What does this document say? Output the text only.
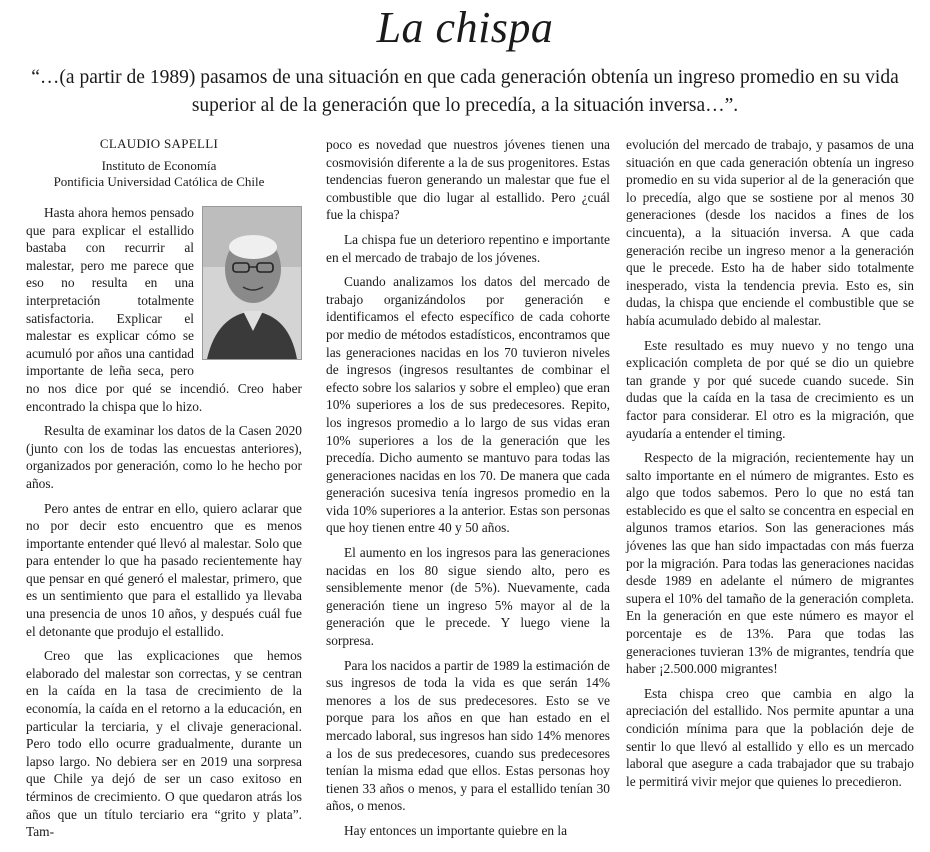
La chispa
“…(a partir de 1989) pasamos de una situación en que cada generación obtenía un ingreso promedio en su vida superior al de la generación que lo precedía, a la situación inversa…”.
CLAUDIO SAPELLI
Instituto de Economía
Pontificia Universidad Católica de Chile

Hasta ahora hemos pensado que para explicar el estallido bastaba con recurrir al malestar, pero me parece que eso no resulta en una interpretación totalmente satisfactoria. Explicar el malestar es explicar cómo se acumuló por años una cantidad importante de leña seca, pero no nos dice por qué se incendió. Creo haber encontrado la chispa que lo hizo.

Resulta de examinar los datos de la Casen 2020 (junto con los de todas las encuestas anteriores), organizados por generación, como lo he hecho por años.

Pero antes de entrar en ello, quiero aclarar que no por decir esto encuentro que es menos importante entender qué llevó al malestar. Solo que para entender lo que ha pasado recientemente hay que pensar en qué generó el malestar, primero, que es un sentimiento que para el estallido ya llevaba una presencia de unos 10 años, y después cuál fue el detonante que produjo el estallido.

Creo que las explicaciones que hemos elaborado del malestar son correctas, y se centran en la caída en la tasa de crecimiento de la economía, la caída en el retorno a la educación, en particular la terciaria, y el clivaje generacional. Pero todo ello ocurre gradualmente, durante un lapso largo. No debiera ser en 2019 una sorpresa que Chile ya dejó de ser un caso exitoso en términos de crecimiento. O que quedaron atrás los años que un título terciario era “grito y plata”. Tam-

poco es novedad que nuestros jóvenes tienen una cosmovisión diferente a la de sus progenitores. Estas tendencias fueron generando un malestar que fue el combustible que dio lugar al estallido. Pero ¿cuál fue la chispa?

La chispa fue un deterioro repentino e importante en el mercado de trabajo de los jóvenes.

Cuando analizamos los datos del mercado de trabajo organizándolos por generación e identificamos el efecto específico de cada cohorte por medio de métodos estadísticos, encontramos que las generaciones nacidas en los 70 tuvieron niveles de ingresos (ingresos resultantes de combinar el efecto sobre los salarios y sobre el empleo) que eran 10% superiores a los de sus predecesores. Repito, los ingresos promedio a lo largo de sus vidas eran 10% superiores a los de la generación que les precedía. Dicho aumento se mantuvo para todas las generaciones nacidas en los 70. De manera que cada generación sucesiva tenía ingresos promedio en la vida 10% superiores a la anterior. Estas son personas que hoy tienen entre 40 y 50 años.

El aumento en los ingresos para las generaciones nacidas en los 80 sigue siendo alto, pero es sensiblemente menor (de 5%). Nuevamente, cada generación tiene un ingreso 5% mayor al de la generación que le precede. Y luego viene la sorpresa.

Para los nacidos a partir de 1989 la estimación de sus ingresos de toda la vida es que serán 14% menores a los de sus predecesores. Esto se ve porque para los años en que han estado en el mercado laboral, sus ingresos han sido 14% menores a los de sus predecesores, cuando sus predecesores tenían la misma edad que ellos. Estas personas hoy tienen 33 años o menos, y para el estallido tenían 30 años, o menos.

Hay entonces un importante quiebre en la

evolución del mercado de trabajo, y pasamos de una situación en que cada generación obtenía un ingreso promedio en su vida superior al de la generación que lo precedía, algo que se sostiene por al menos 30 generaciones (desde los nacidos a fines de los cincuenta), a la situación inversa. A que cada generación recibe un ingreso menor a la generación que le precede. Esto ha de haber sido totalmente inesperado, vista la tendencia previa. Esto es, sin dudas, la chispa que enciende el combustible que se había acumulado debido al malestar.

Este resultado es muy nuevo y no tengo una explicación completa de por qué se dio un quiebre tan grande y por qué sucede cuando sucede. Sin dudas que la caída en la tasa de crecimiento es un factor para considerar. El otro es la migración, que ayudaría a entender el timing.

Respecto de la migración, recientemente hay un salto importante en el número de migrantes. Esto es algo que todos sabemos. Pero lo que no está tan establecido es que el salto se concentra en especial en algunos tramos etarios. Son las generaciones más jóvenes las que han sido impactadas con más fuerza por la migración. Para todas las generaciones nacidas desde 1989 en adelante el número de migrantes supera el 10% del tamaño de la generación completa. En la generación en que este número es mayor el porcentaje es de 13%. Para que todas las generaciones tuvieran 13% de migrantes, tendría que haber ¡2.500.000 migrantes!

Esta chispa creo que cambia en algo la apreciación del estallido. Nos permite apuntar a una condición mínima para que la población deje de sentir lo que llevó al estallido y ello es un mercado laboral que asegure a cada trabajador que su trabajo le permitirá vivir mejor que quienes lo precedieron.
